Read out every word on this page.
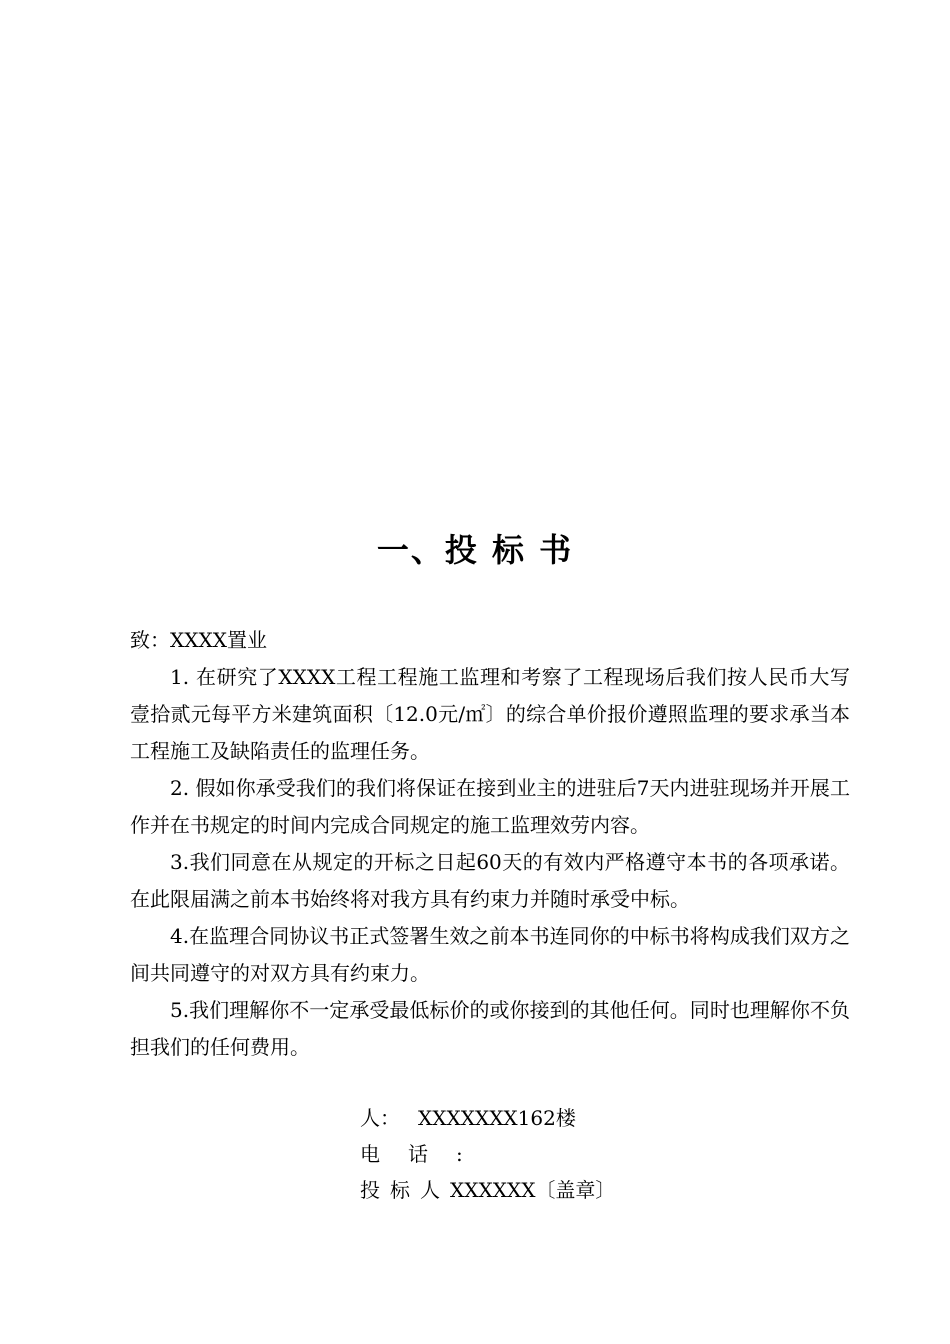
一、投 标 书

致：XXXX置业

1. 在研究了XXXX工程工程施工监理和考察了工程现场后我们按人民币大写壹拾贰元每平方米建筑面积〔12.0元/㎡〕的综合单价报价遵照监理的要求承当本工程施工及缺陷责任的监理任务。

2. 假如你承受我们的我们将保证在接到业主的进驻后7天内进驻现场并开展工作并在书规定的时间内完成合同规定的施工监理效劳内容。

3.我们同意在从规定的开标之日起60天的有效内严格遵守本书的各项承诺。在此限届满之前本书始终将对我方具有约束力并随时承受中标。

4.在监理合同协议书正式签署生效之前本书连同你的中标书将构成我们双方之间共同遵守的对双方具有约束力。

5.我们理解你不一定承受最低标价的或你接到的其他任何。同时也理解你不负担我们的任何费用。

人： XXXXXXX162楼
电话:
投标人 XXXXXX〔盖章〕
